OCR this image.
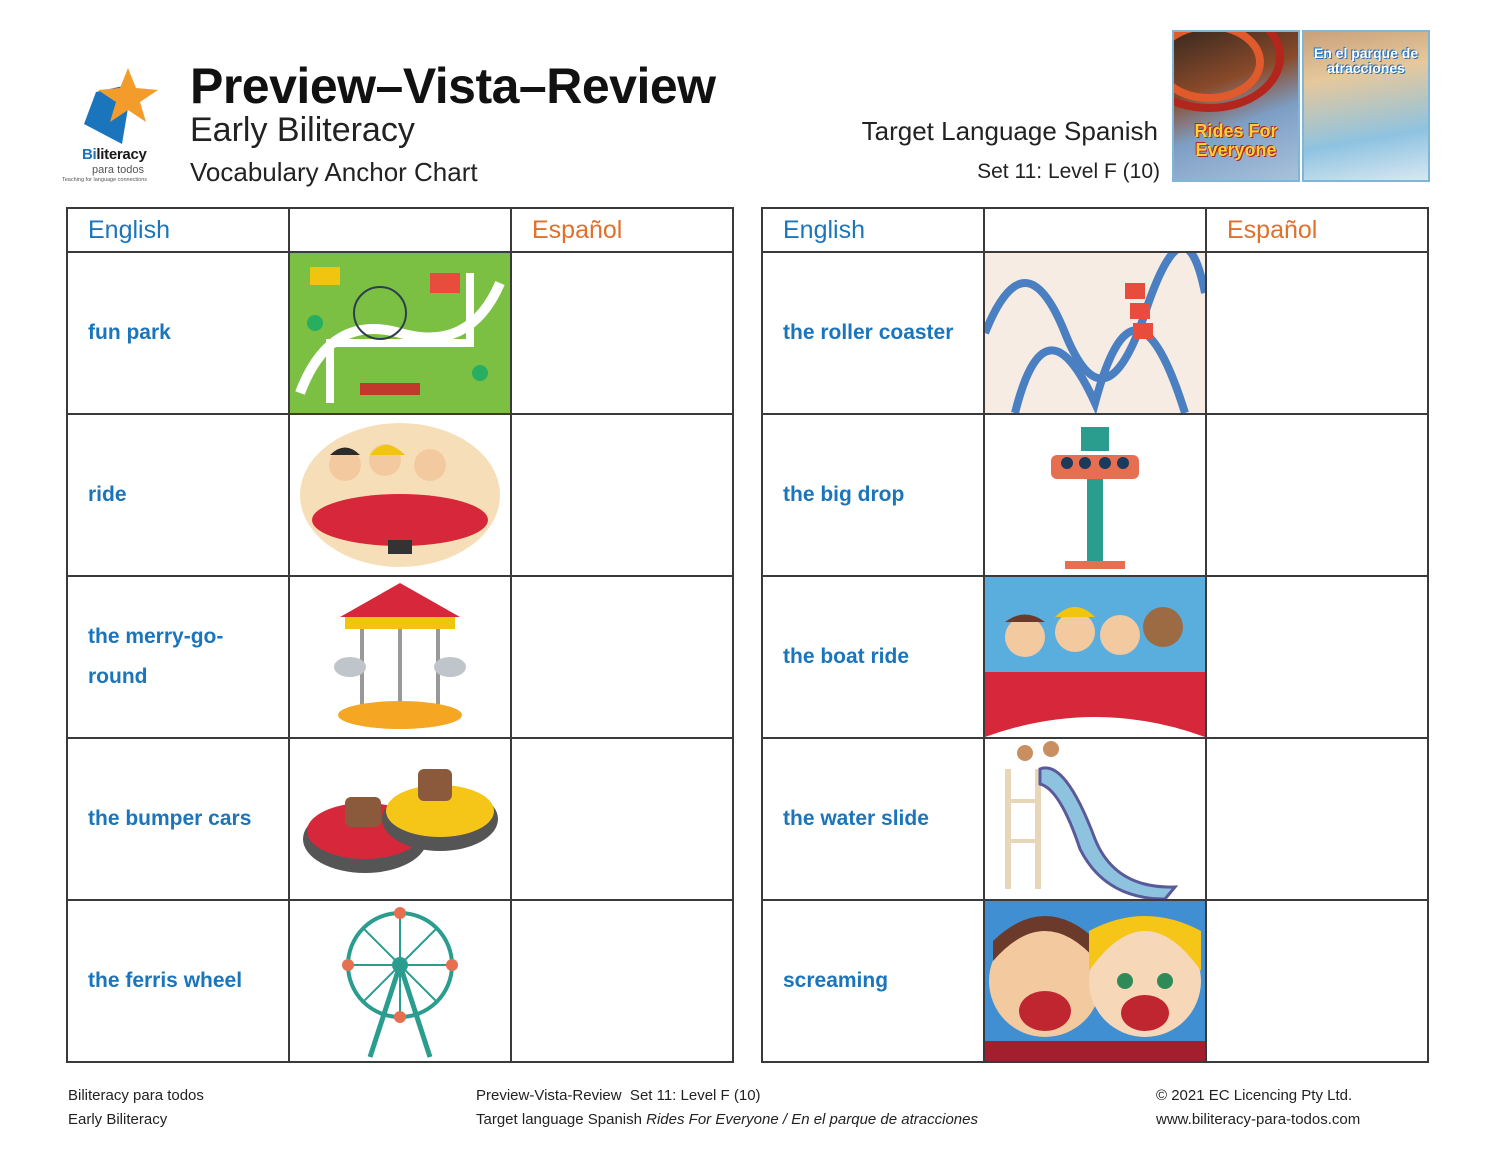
Biliteracy
para todos
Teaching for language connections
Preview–Vista–Review
Early Biliteracy
Vocabulary Anchor Chart
Target Language Spanish
Set 11: Level F (10)
Rides For Everyone
En el parque de atracciones
English		Español
fun park	

ride	

the merry-go-round	

the bumper cars	

the ferris wheel	

English		Español
the roller coaster	

the big drop	

the boat ride	

the water slide	

screaming	

Biliteracy para todos
Early Biliteracy
Preview-Vista-Review  Set 11: Level F (10)
Target language Spanish Rides For Everyone / En el parque de atracciones
© 2021 EC Licencing Pty Ltd.
www.biliteracy-para-todos.com
